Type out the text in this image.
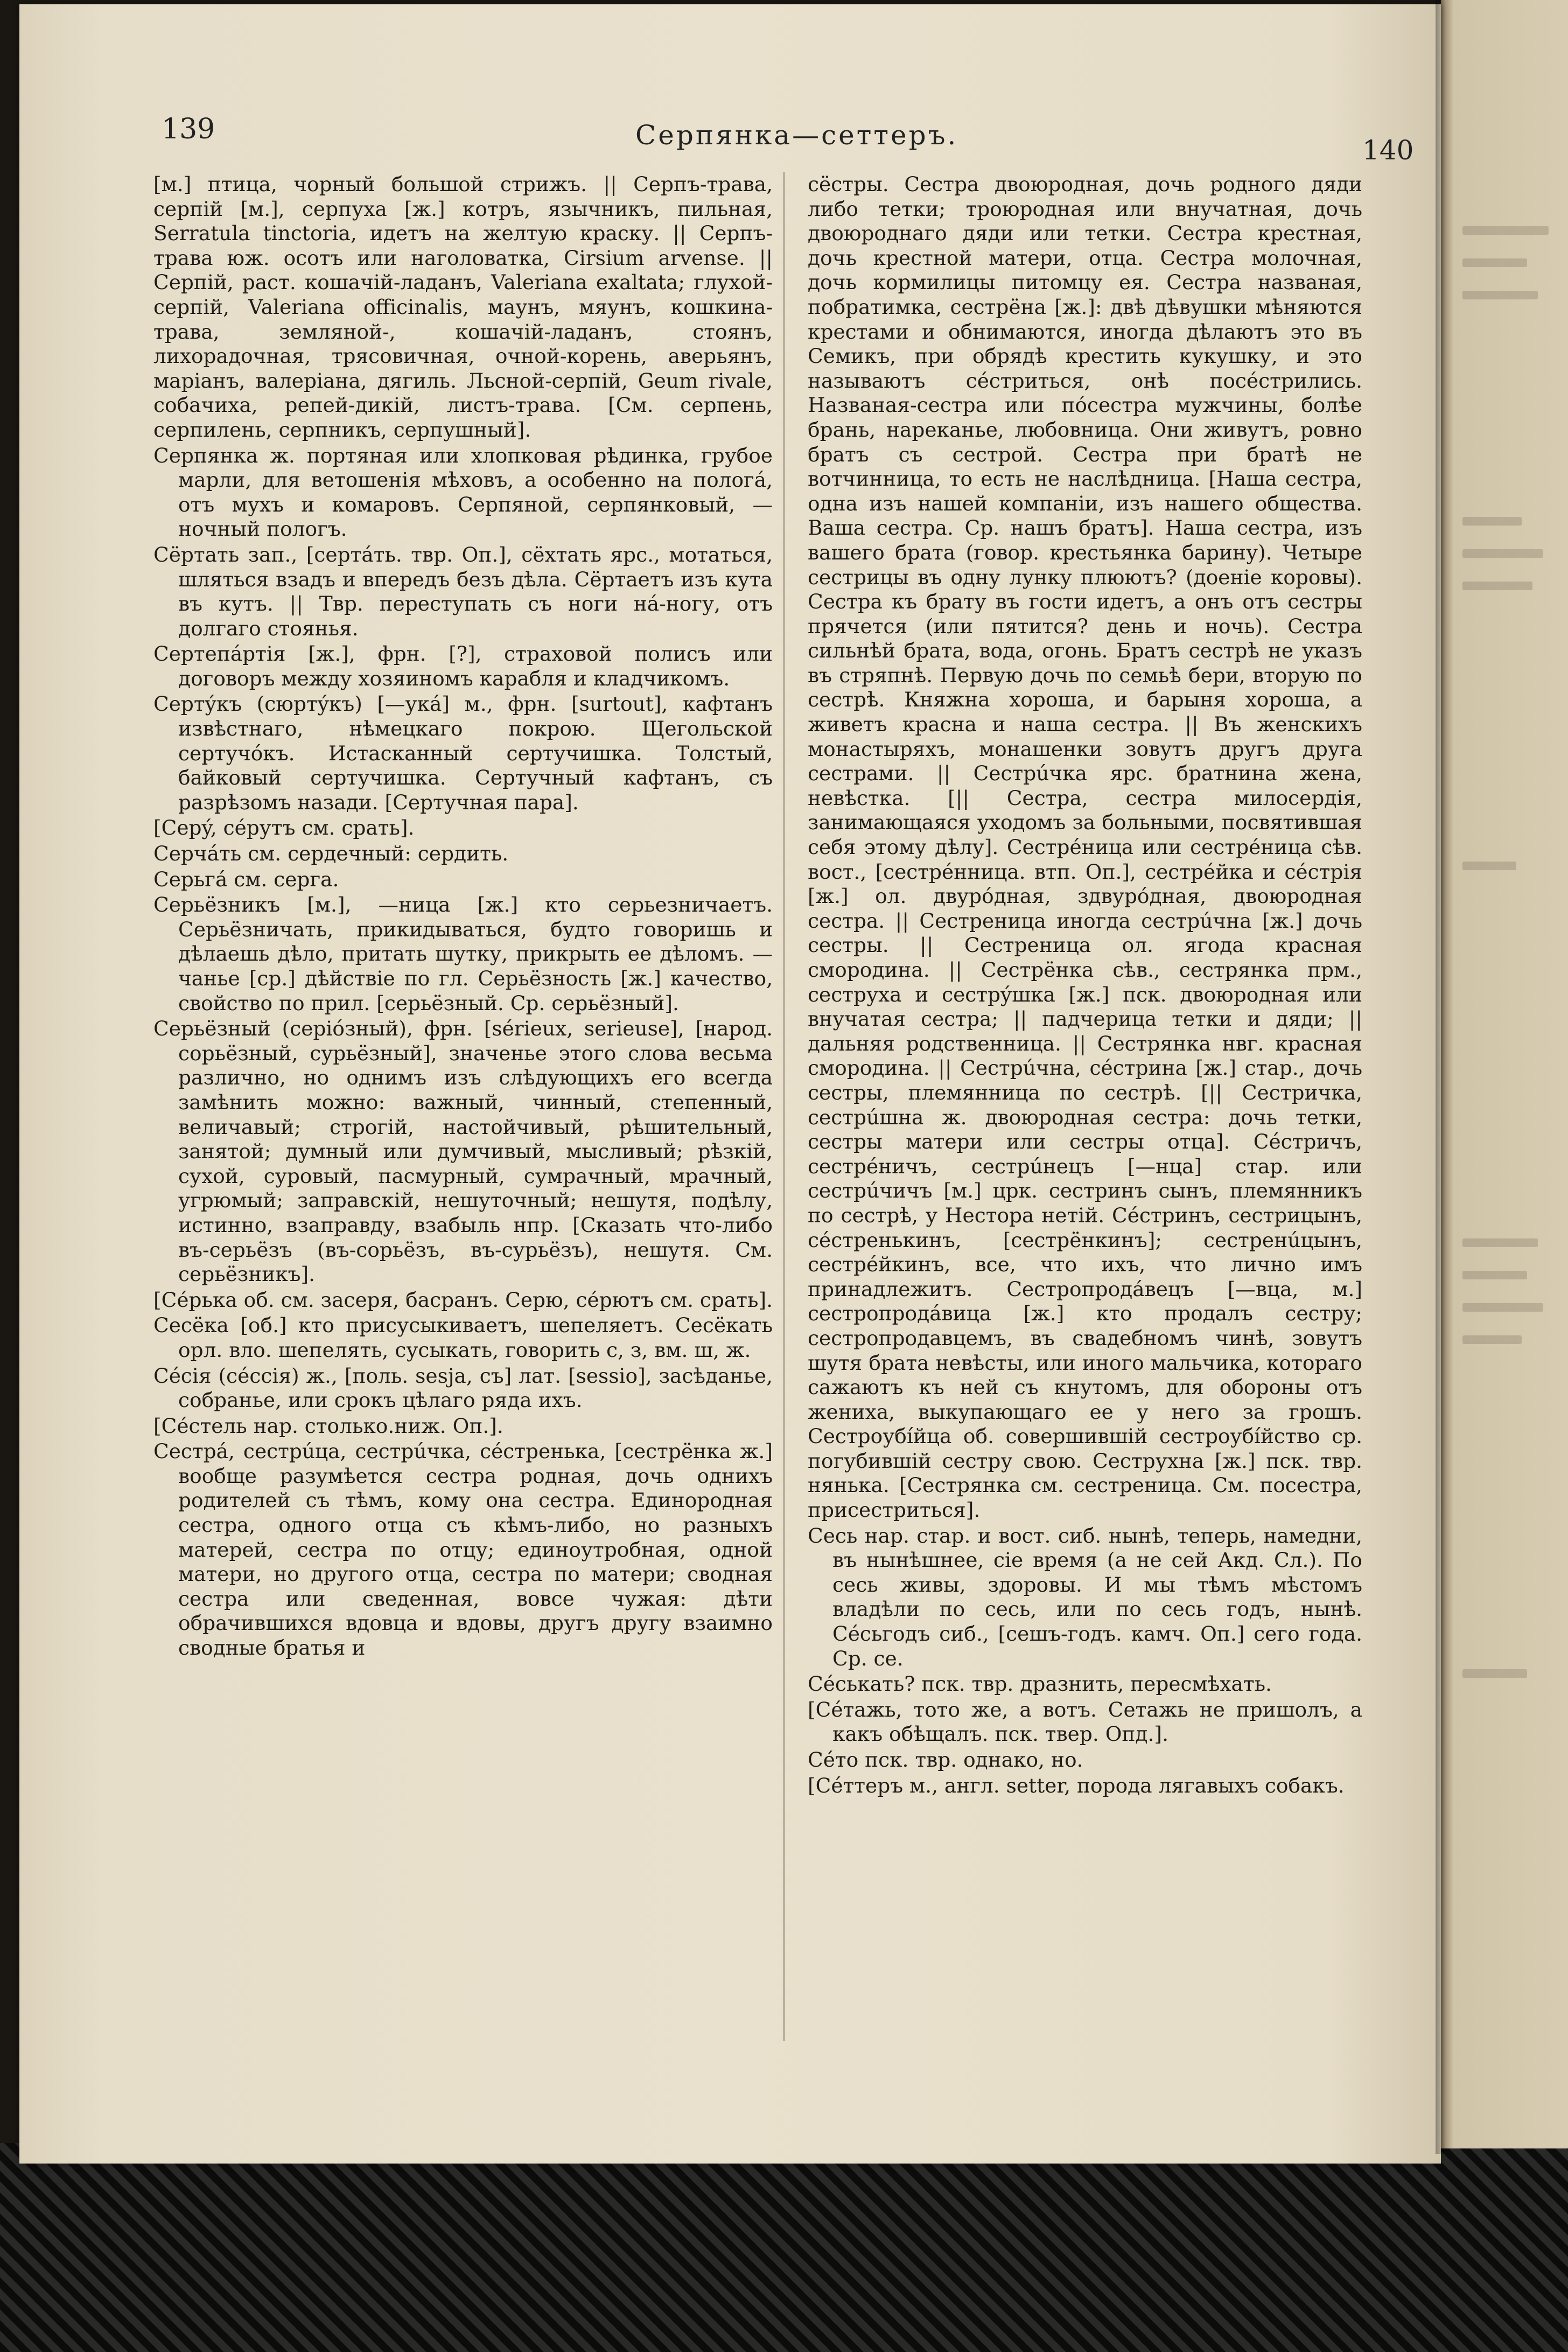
139	Серпянка—сеттеръ.	140

[м.] птица, чорный большой стрижъ. || Серпъ-трава, серпій [м.], серпуха [ж.] котръ, язычникъ, пильная, Serratula tinctoria, идетъ на желтую краску. || Серпъ-трава юж. осотъ или наголоватка, Cirsium arvense. || Серпій, раст. кошачій-ладанъ, Valeriana exaltata; глухой-серпій, Valeriana officinalis, маунъ, мяунъ, кошкина-трава, земляной-, кошачій-ладанъ, стоянъ, лихорадочная, трясовичная, очной-корень, аверьянъ, маріанъ, валеріана, дягиль. Льсной-серпій, Geum rivale, собачиха, репей-дикій, листъ-трава. [См. серпень, серпилень, серпникъ, серпушный].

Серпянка ж. портяная или хлопковая рѣдинка, грубое марли, для ветошенія мѣховъ, а особенно на пологá, отъ мухъ и комаровъ. Серпяной, серпянковый, —ночный пологъ.

Сёртать зап., [сертáть. твр. Оп.], сёхтать ярс., мотаться, шляться взадъ и впередъ безъ дѣла. Сёртаетъ изъ кута въ кутъ. || Твр. переступать съ ноги нá-ногу, отъ долгаго стоянья.

Сертепáртія [ж.], фрн. [?], страховой полисъ или договоръ между хозяиномъ карабля и кладчикомъ.

Сертýкъ (сюртýкъ) [—укá] м., фрн. [surtout], кафтанъ извѣстнаго, нѣмецкаго покрою. Щегольской сертучóкъ. Истасканный сертучишка. Толстый, байковый сертучишка. Сертучный кафтанъ, съ разрѣзомъ назади. [Сертучная пара].

[Серý, сéрутъ см. срать].

Серчáть см. сердечный: сердить.

Серьгá см. серга.

Серьёзникъ [м.], —ница [ж.] кто серьезничаетъ. Серьёзничать, прикидываться, будто говоришь и дѣлаешь дѣло, притать шутку, прикрыть ее дѣломъ. —чанье [ср.] дѣйствіе по гл. Серьёзность [ж.] качество, свойство по прил. [серьёзный. Ср. серьёзный].

Серьёзный (серіóзный), фрн. [sérieux, serieuse], [народ. сорьёзный, сурьёзный], значенье этого слова весьма различно, но однимъ изъ слѣдующихъ его всегда замѣнить можно: важный, чинный, степенный, величавый; строгій, настойчивый, рѣшительный, занятой; думный или думчивый, мысливый; рѣзкій, сухой, суровый, пасмурный, сумрачный, мрачный, угрюмый; заправскій, нешуточный; нешутя, подѣлу, истинно, взаправду, взабыль нпр. [Сказать что-либо въ-серьёзъ (въ-сорьёзъ, въ-сурьёзъ), нешутя. См. серьёзникъ].

[Сéрька об. см. засеря, басранъ. Серю, сéрютъ см. срать].

Сесёка [об.] кто присусыкиваетъ, шепеляетъ. Сесёкать орл. вло. шепелять, сусыкать, говорить с, з, вм. ш, ж.

Сéсія (сéссія) ж., [поль. sesja, съ] лат. [sessio], засѣданье, собранье, или срокъ цѣлаго ряда ихъ.

[Сéстель нар. столько.ниж. Оп.].

Сестрá, сестрúца, сестрúчка, сéстренька, [сестрёнка ж.] вообще разумѣется сестра родная, дочь однихъ родителей съ тѣмъ, кому она сестра. Единородная сестра, одного отца съ кѣмъ-либо, но разныхъ матерей, сестра по отцу; единоутробная, одной матери, но другого отца, сестра по матери; сводная сестра или сведенная, вовсе чужая: дѣти обрачившихся вдовца и вдовы, другъ другу взаимно сводные братья и

сёстры. Сестра двоюродная, дочь родного дяди либо тетки; троюродная или внучатная, дочь двоюроднаго дяди или тетки. Сестра крестная, дочь крестной матери, отца. Сестра молочная, дочь кормилицы питомцу ея. Сестра названая, побратимка, сестрёна [ж.]: двѣ дѣвушки мѣняются крестами и обнимаются, иногда дѣлаютъ это въ Семикъ, при обрядѣ крестить кукушку, и это называютъ сéстриться, онѣ посéстрились. Названая-сестра или пóсестра мужчины, болѣе брань, нареканье, любовница. Они живутъ, ровно братъ съ сестрой. Сестра при братѣ не вотчинница, то есть не наслѣдница. [Наша сестра, одна изъ нашей компаніи, изъ нашего общества. Ваша сестра. Ср. нашъ братъ]. Наша сестра, изъ вашего брата (говор. крестьянка барину). Четыре сестрицы въ одну лунку плюютъ? (доеніе коровы). Сестра къ брату въ гости идетъ, а онъ отъ сестры прячется (или пятится? день и ночь). Сестра сильнѣй брата, вода, огонь. Братъ сестрѣ не указъ въ стряпнѣ. Первую дочь по семьѣ бери, вторую по сестрѣ. Княжна хороша, и барыня хороша, а живетъ красна и наша сестра. || Въ женскихъ монастыряхъ, монашенки зовутъ другъ друга сестрами. || Сестрúчка ярс. братнина жена, невѣстка. [|| Сестра, сестра милосердія, занимающаяся уходомъ за больными, посвятившая себя этому дѣлу]. Сестрéница или сестрéница сѣв. вост., [сестрéнница. втп. Оп.], сестрéйка и сéстрія [ж.] ол. двурóдная, здвурóдная, двоюродная сестра. || Сестреница иногда сестрúчна [ж.] дочь сестры. || Сестреница ол. ягода красная смородина. || Сестрёнка сѣв., сестрянка прм., сеструха и сестрýшка [ж.] пск. двоюродная или внучатая сестра; || падчерица тетки и дяди; || дальняя родственница. || Сестрянка нвг. красная смородина. || Сестрúчна, сéстрина [ж.] стар., дочь сестры, племянница по сестрѣ. [|| Сестричка, сестрúшна ж. двоюродная сестра: дочь тетки, сестры матери или сестры отца]. Сéстричъ, сестрéничъ, сестрúнецъ [—нца] стар. или сестрúчичъ [м.] црк. сестринъ сынъ, племянникъ по сестрѣ, у Нестора нетій. Сéстринъ, сестрицынъ, сéстренькинъ, [сестрёнкинъ]; сестренúцынъ, сестрéйкинъ, все, что ихъ, что лично имъ принадлежитъ. Сестропродáвецъ [—вца, м.] сестропродáвица [ж.] кто продалъ сестру; сестропродавцемъ, въ свадебномъ чинѣ, зовутъ шутя брата невѣсты, или иного мальчика, котораго сажаютъ къ ней съ кнутомъ, для обороны отъ жениха, выкупающаго ее у него за грошъ. Сестроубíйца об. совершившій сестроубíйство ср. погубившій сестру свою. Сеструхна [ж.] пск. твр. нянька. [Сестрянка см. сестреница. См. посестра, присестриться].

Сесь нар. стар. и вост. сиб. нынѣ, теперь, намедни, въ нынѣшнее, сіе время (а не сей Акд. Сл.). По сесь живы, здоровы. И мы тѣмъ мѣстомъ владѣли по сесь, или по сесь годъ, нынѣ. Сéсьгодъ сиб., [сешъ-годъ. камч. Оп.] сего года. Ср. се.

Сéськать? пск. твр. дразнить, пересмѣхать.

[Сéтажь, тото же, а вотъ. Сетажь не пришолъ, а какъ обѣщалъ. пск. твер. Опд.].

Сéто пск. твр. однако, но.

[Сéттеръ м., англ. setter, порода лягавыхъ собакъ.
